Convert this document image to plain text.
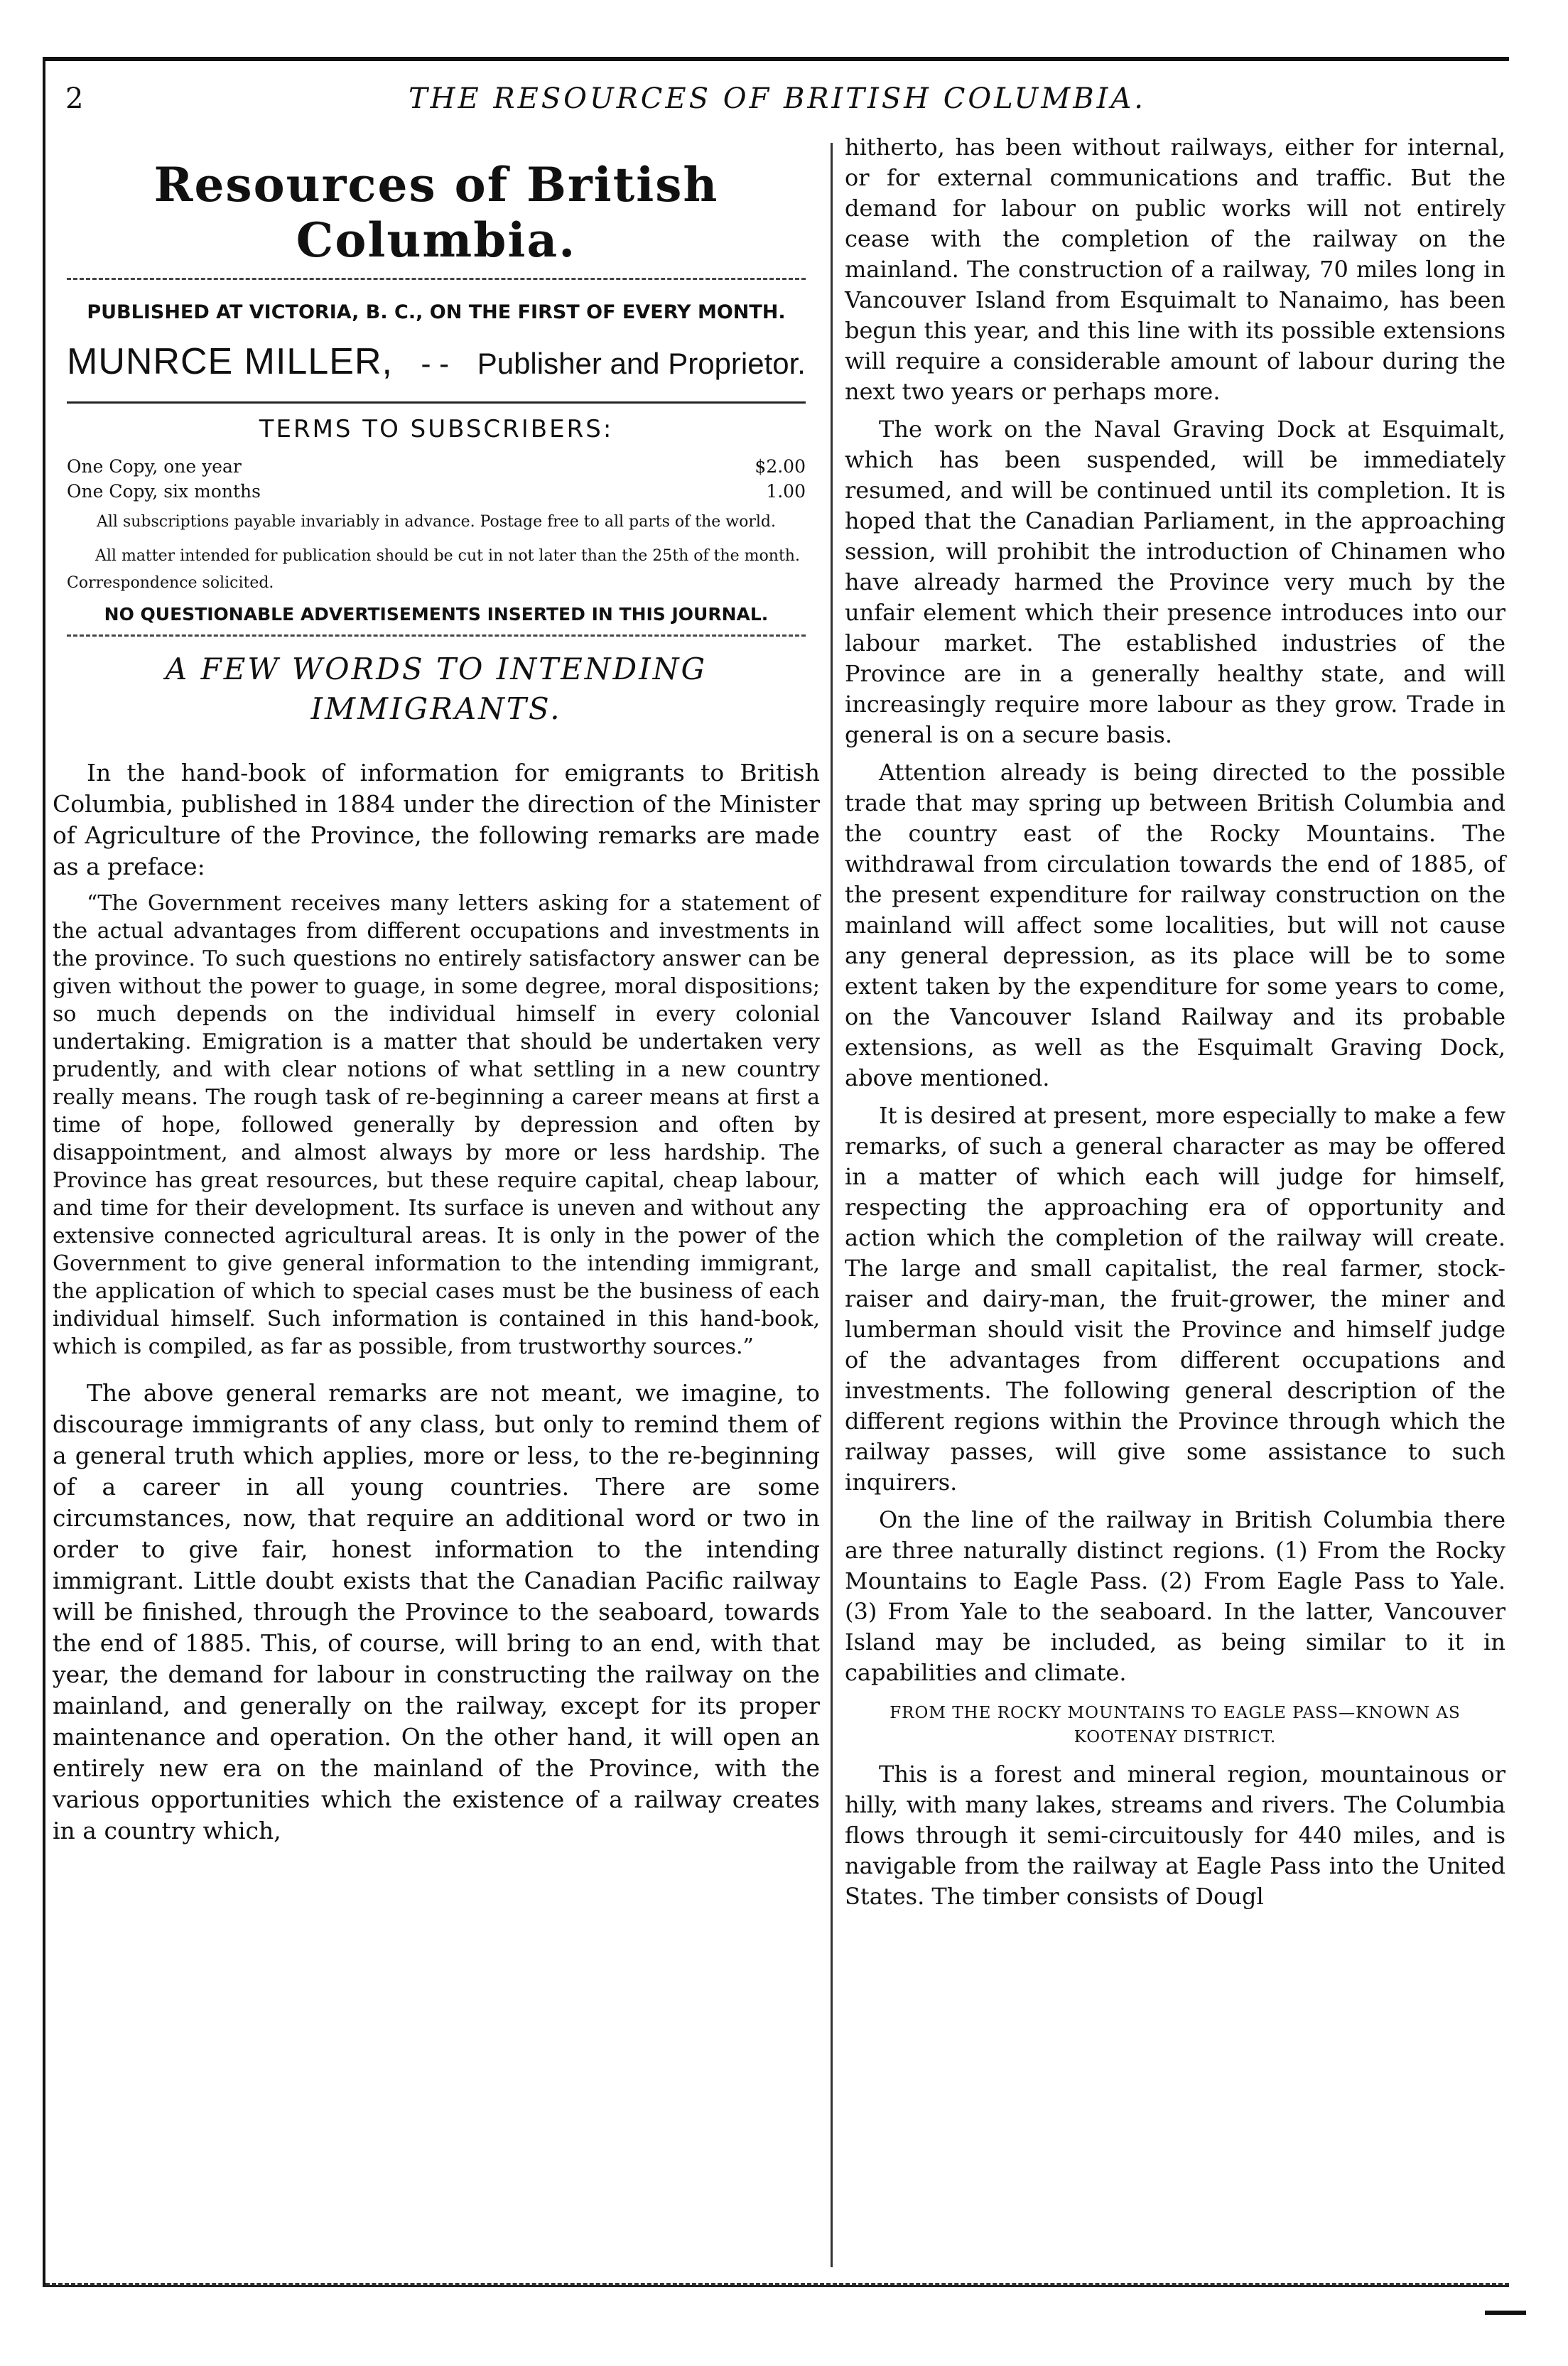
2	THE RESOURCES OF BRITISH COLUMBIA.
Resources of British Columbia.
PUBLISHED AT VICTORIA, B. C., ON THE FIRST OF EVERY MONTH.
MUNRCE MILLER, - - Publisher and Proprietor.
TERMS TO SUBSCRIBERS:
One Copy, one year	$2.00
One Copy, six months	1.00
All subscriptions payable invariably in advance. Postage free to all parts of the world.
All matter intended for publication should be cut in not later than the 25th of the month. Correspondence solicited.
NO QUESTIONABLE ADVERTISEMENTS INSERTED IN THIS JOURNAL.
A FEW WORDS TO INTENDING IMMIGRANTS.

In the hand-book of information for emigrants to British Columbia, published in 1884 under the direction of the Minister of Agriculture of the Province, the following remarks are made as a preface:

“The Government receives many letters asking for a statement of the actual advantages from different occupations and investments in the province. To such questions no entirely satisfactory answer can be given without the power to guage, in some degree, moral dispositions; so much depends on the individual himself in every colonial undertaking. Emigration is a matter that should be undertaken very prudently, and with clear notions of what settling in a new country really means. The rough task of re-beginning a career means at first a time of hope, followed generally by depression and often by disappointment, and almost always by more or less hardship. The Province has great resources, but these require capital, cheap labour, and time for their development. Its surface is uneven and without any extensive connected agricultural areas. It is only in the power of the Government to give general information to the intending immigrant, the application of which to special cases must be the business of each individual himself. Such information is contained in this hand-book, which is compiled, as far as possible, from trustworthy sources.”

The above general remarks are not meant, we imagine, to discourage immigrants of any class, but only to remind them of a general truth which applies, more or less, to the re-beginning of a career in all young countries. There are some circumstances, now, that require an additional word or two in order to give fair, honest information to the intending immigrant. Little doubt exists that the Canadian Pacific railway will be finished, through the Province to the seaboard, towards the end of 1885. This, of course, will bring to an end, with that year, the demand for labour in constructing the railway on the mainland, and generally on the railway, except for its proper maintenance and operation. On the other hand, it will open an entirely new era on the mainland of the Province, with the various opportunities which the existence of a railway creates in a country which,

hitherto, has been without railways, either for internal, or for external communications and traffic. But the demand for labour on public works will not entirely cease with the completion of the railway on the mainland. The construction of a railway, 70 miles long in Vancouver Island from Esquimalt to Nanaimo, has been begun this year, and this line with its possible extensions will require a considerable amount of labour during the next two years or perhaps more.

The work on the Naval Graving Dock at Esquimalt, which has been suspended, will be immediately resumed, and will be continued until its completion. It is hoped that the Canadian Parliament, in the approaching session, will prohibit the introduction of Chinamen who have already harmed the Province very much by the unfair element which their presence introduces into our labour market. The established industries of the Province are in a generally healthy state, and will increasingly require more labour as they grow. Trade in general is on a secure basis.

Attention already is being directed to the possible trade that may spring up between British Columbia and the country east of the Rocky Mountains. The withdrawal from circulation towards the end of 1885, of the present expenditure for railway construction on the mainland will affect some localities, but will not cause any general depression, as its place will be to some extent taken by the expenditure for some years to come, on the Vancouver Island Railway and its probable extensions, as well as the Esquimalt Graving Dock, above mentioned.

It is desired at present, more especially to make a few remarks, of such a general character as may be offered in a matter of which each will judge for himself, respecting the approaching era of opportunity and action which the completion of the railway will create. The large and small capitalist, the real farmer, stock-raiser and dairy-man, the fruit-grower, the miner and lumberman should visit the Province and himself judge of the advantages from different occupations and investments. The following general description of the different regions within the Province through which the railway passes, will give some assistance to such inquirers.

On the line of the railway in British Columbia there are three naturally distinct regions. (1) From the Rocky Mountains to Eagle Pass. (2) From Eagle Pass to Yale. (3) From Yale to the seaboard. In the latter, Vancouver Island may be included, as being similar to it in capabilities and climate.

FROM THE ROCKY MOUNTAINS TO EAGLE PASS—KNOWN AS KOOTENAY DISTRICT.

This is a forest and mineral region, mountainous or hilly, with many lakes, streams and rivers. The Columbia flows through it semi-circuitously for 440 miles, and is navigable from the railway at Eagle Pass into the United States. The timber consists of Dougl
